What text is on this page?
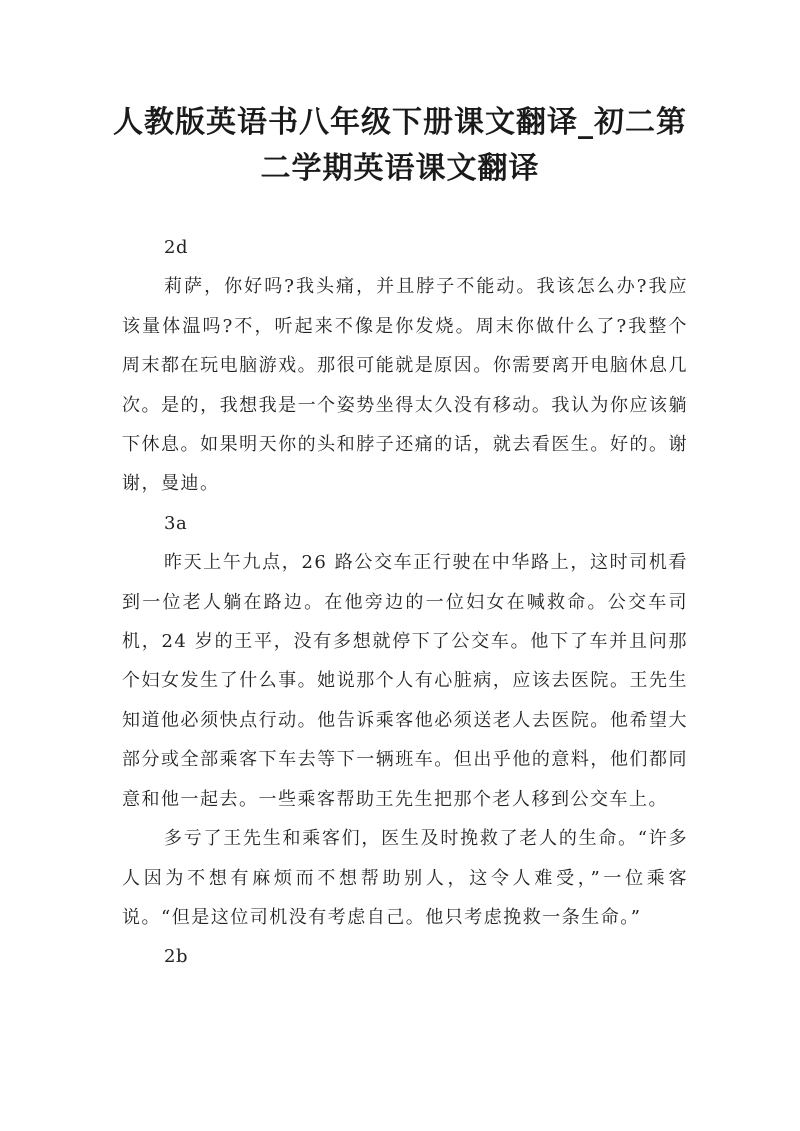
人教版英语书八年级下册课文翻译_初二第
二学期英语课文翻译

2d

莉萨，你好吗?我头痛，并且脖子不能动。我该怎么办?我应该量体温吗?不，听起来不像是你发烧。周末你做什么了?我整个周末都在玩电脑游戏。那很可能就是原因。你需要离开电脑休息几次。是的，我想我是一个姿势坐得太久没有移动。我认为你应该躺下休息。如果明天你的头和脖子还痛的话，就去看医生。好的。谢谢，曼迪。

3a

昨天上午九点，26 路公交车正行驶在中华路上，这时司机看到一位老人躺在路边。在他旁边的一位妇女在喊救命。公交车司机，24 岁的王平，没有多想就停下了公交车。他下了车并且问那个妇女发生了什么事。她说那个人有心脏病，应该去医院。王先生知道他必须快点行动。他告诉乘客他必须送老人去医院。他希望大部分或全部乘客下车去等下一辆班车。但出乎他的意料，他们都同意和他一起去。一些乘客帮助王先生把那个老人移到公交车上。

多亏了王先生和乘客们，医生及时挽救了老人的生命。“许多人因为不想有麻烦而不想帮助别人，这令人难受，”一位乘客说。“但是这位司机没有考虑自己。他只考虑挽救一条生命。”

2b
